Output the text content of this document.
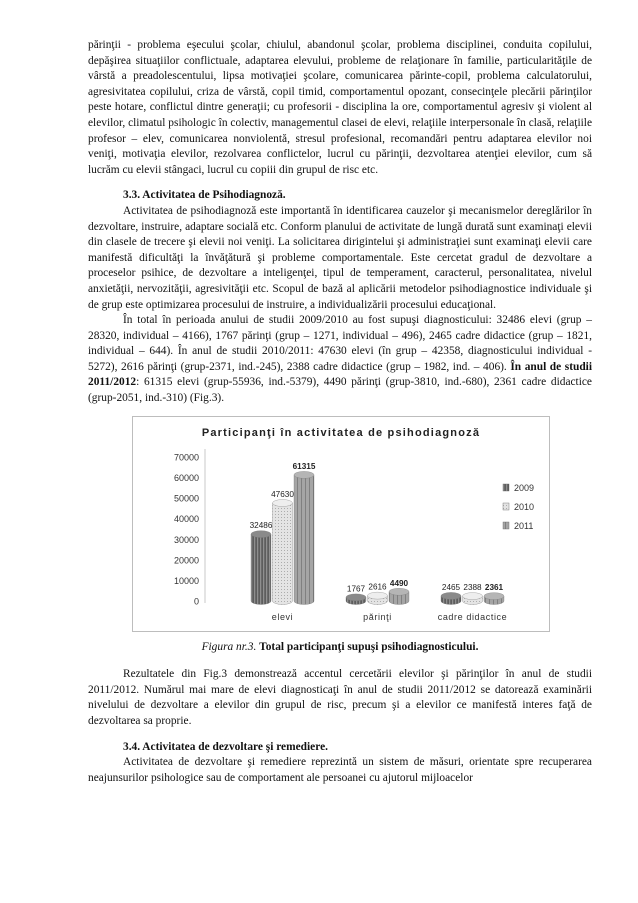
părinţii - problema eşecului şcolar, chiulul, abandonul şcolar, problema disciplinei, conduita copilului, depăşirea situaţiilor conflictuale, adaptarea elevului, probleme de relaţionare în familie, particularităţile de vârstă a preadolescentului, lipsa motivaţiei şcolare, comunicarea părinte-copil, problema calculatorului, agresivitatea copilului, criza de vârstă, copil timid, comportamentul opozant, consecinţele plecării părinţilor peste hotare, conflictul dintre generaţii; cu profesorii - disciplina la ore, comportamentul agresiv şi violent al elevilor, climatul psihologic în colectiv, managementul clasei de elevi, relaţiile interpersonale în clasă, relaţiile profesor – elev, comunicarea nonviolentă, stresul profesional, recomandări pentru adaptarea elevilor noi veniţi, motivaţia elevilor, rezolvarea conflictelor, lucrul cu părinţii, dezvoltarea atenţiei elevilor, cum să lucrăm cu elevii stângaci, lucrul cu copiii din grupul de risc etc.

3.3. Activitatea de Psihodiagnoză.

Activitatea de psihodiagnoză este importantă în identificarea cauzelor şi mecanismelor dereglărilor în dezvoltare, instruire, adaptare socială etc. Conform planului de activitate de lungă durată sunt examinaţi elevii din clasele de trecere şi elevii noi veniţi. La solicitarea dirigintelui şi administraţiei sunt examinaţi elevii care manifestă dificultăţi la învăţătură şi probleme comportamentale. Este cercetat gradul de dezvoltare a proceselor psihice, de dezvoltare a inteligenţei, tipul de temperament, caracterul, personalitatea, nivelul anxietăţii, nervozităţii, agresivităţii etc. Scopul de bază al aplicării metodelor psihodiagnostice individuale şi de grup este optimizarea procesului de instruire, a individualizării procesului educaţional.

În total în perioada anului de studii 2009/2010 au fost supuşi diagnosticului: 32486 elevi (grup – 28320, individual – 4166), 1767 părinţi (grup – 1271, individual – 496), 2465 cadre didactice (grup – 1821, individual – 644). În anul de studii 2010/2011: 47630 elevi (în grup – 42358, diagnosticului individual - 5272), 2616 părinţi (grup-2371, ind.-245), 2388 cadre didactice (grup – 1982, ind. – 406). În anul de studii 2011/2012: 61315 elevi (grup-55936, ind.-5379), 4490 părinţi (grup-3810, ind.-680), 2361 cadre didactice (grup-2051, ind.-310) (Fig.3).

Participanţi în activitatea de psihodiagnoză
0
10000
20000
30000
40000
50000
60000
70000
32486
1767	2465
47630
2616	2388
61315
4490	2361
elevi	părinţi	cadre didactice
2009
2010
2011

Figura nr.3. Total participanţi supuşi psihodiagnosticului.

Rezultatele din Fig.3 demonstrează accentul cercetării elevilor şi părinţilor în anul de studii 2011/2012. Numărul mai mare de elevi diagnosticaţi în anul de studii 2011/2012 se datorează examinării nivelului de dezvoltare a elevilor din grupul de risc, precum şi a elevilor ce manifestă interes faţă de dezvoltarea sa proprie.

3.4. Activitatea de dezvoltare şi remediere.

Activitatea de dezvoltare şi remediere reprezintă un sistem de măsuri, orientate spre recuperarea neajunsurilor psihologice sau de comportament ale persoanei cu ajutorul mijloacelor
